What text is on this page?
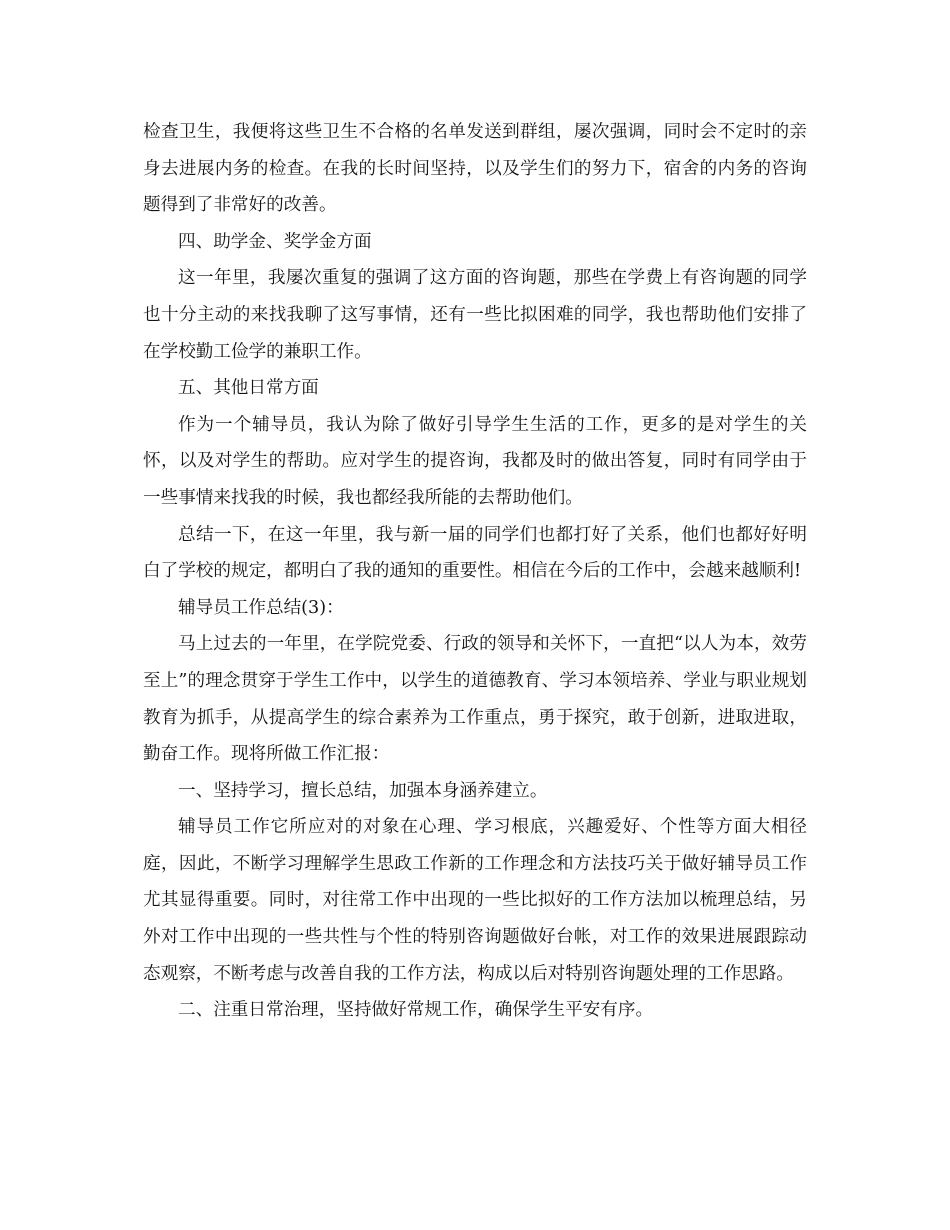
检查卫生，我便将这些卫生不合格的名单发送到群组，屡次强调，同时会不定时的亲身去进展内务的检查。在我的长时间坚持，以及学生们的努力下，宿舍的内务的咨询题得到了非常好的改善。

四、助学金、奖学金方面

这一年里，我屡次重复的强调了这方面的咨询题，那些在学费上有咨询题的同学也十分主动的来找我聊了这写事情，还有一些比拟困难的同学，我也帮助他们安排了在学校勤工俭学的兼职工作。

五、其他日常方面

作为一个辅导员，我认为除了做好引导学生生活的工作，更多的是对学生的关怀，以及对学生的帮助。应对学生的提咨询，我都及时的做出答复，同时有同学由于一些事情来找我的时候，我也都经我所能的去帮助他们。

总结一下，在这一年里，我与新一届的同学们也都打好了关系，他们也都好好明白了学校的规定，都明白了我的通知的重要性。相信在今后的工作中，会越来越顺利!

辅导员工作总结(3)：

马上过去的一年里，在学院党委、行政的领导和关怀下，一直把“以人为本，效劳至上”的理念贯穿于学生工作中，以学生的道德教育、学习本领培养、学业与职业规划教育为抓手，从提高学生的综合素养为工作重点，勇于探究，敢于创新，进取进取，勤奋工作。现将所做工作汇报：

一、坚持学习，擅长总结，加强本身涵养建立。

辅导员工作它所应对的对象在心理、学习根底，兴趣爱好、个性等方面大相径庭，因此，不断学习理解学生思政工作新的工作理念和方法技巧关于做好辅导员工作尤其显得重要。同时，对往常工作中出现的一些比拟好的工作方法加以梳理总结，另外对工作中出现的一些共性与个性的特别咨询题做好台帐，对工作的效果进展跟踪动态观察，不断考虑与改善自我的工作方法，构成以后对特别咨询题处理的工作思路。

二、注重日常治理，坚持做好常规工作，确保学生平安有序。
